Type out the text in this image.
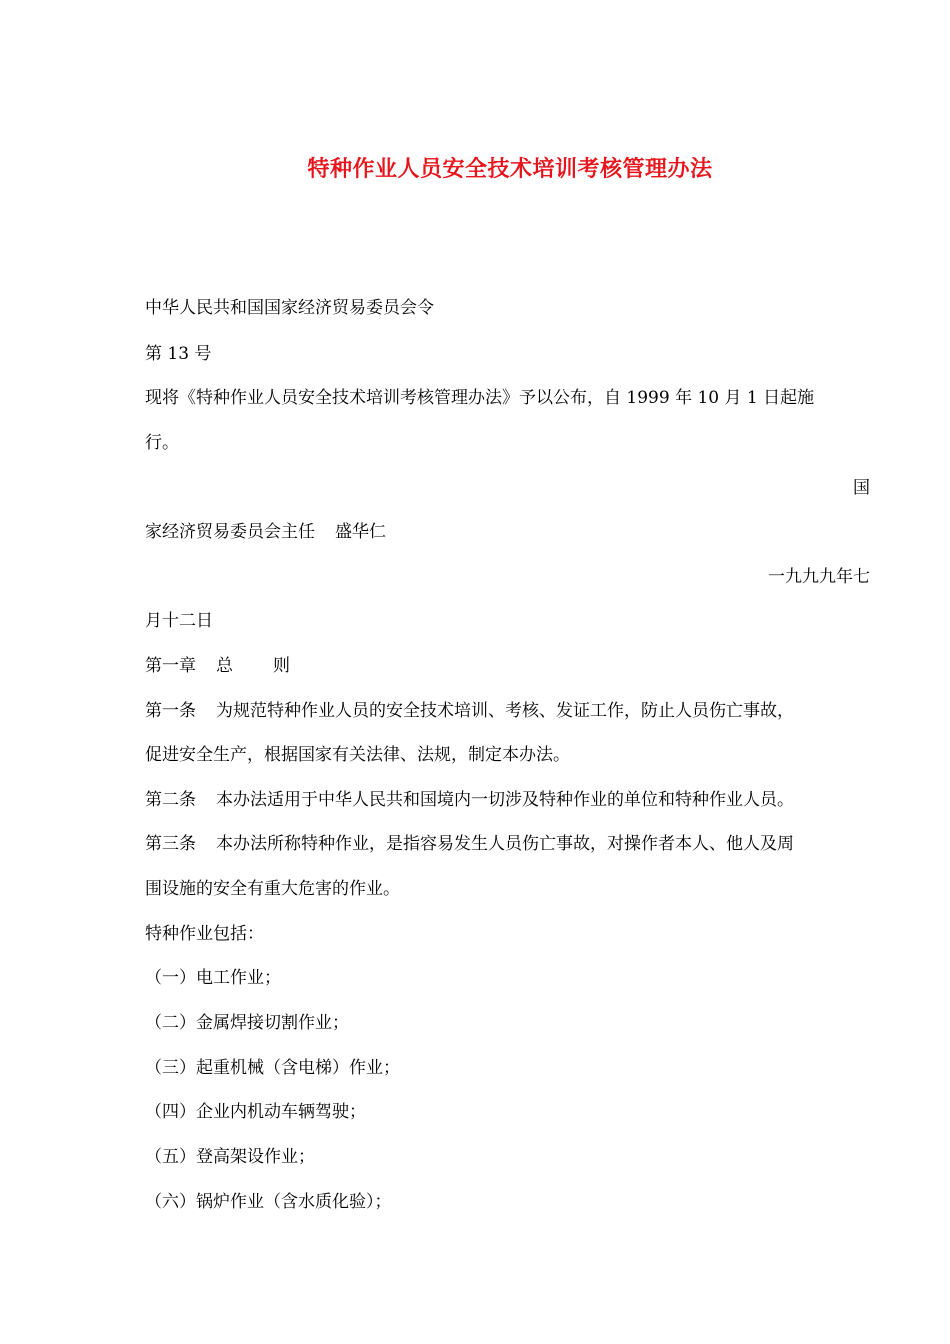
特种作业人员安全技术培训考核管理办法
中华人民共和国国家经济贸易委员会令
第 13 号
现将《特种作业人员安全技术培训考核管理办法》予以公布，自 1999 年 10 月 1 日起施
行。
国
家经济贸易委员会主任 盛华仁
一九九九年七
月十二日
第一章 总 则
第一条 为规范特种作业人员的安全技术培训、考核、发证工作，防止人员伤亡事故，
促进安全生产，根据国家有关法律、法规，制定本办法。
第二条 本办法适用于中华人民共和国境内一切涉及特种作业的单位和特种作业人员。
第三条 本办法所称特种作业，是指容易发生人员伤亡事故，对操作者本人、他人及周
围设施的安全有重大危害的作业。
特种作业包括：
（一）电工作业；
（二）金属焊接切割作业；
（三）起重机械（含电梯）作业；
（四）企业内机动车辆驾驶；
（五）登高架设作业；
（六）锅炉作业（含水质化验）；
